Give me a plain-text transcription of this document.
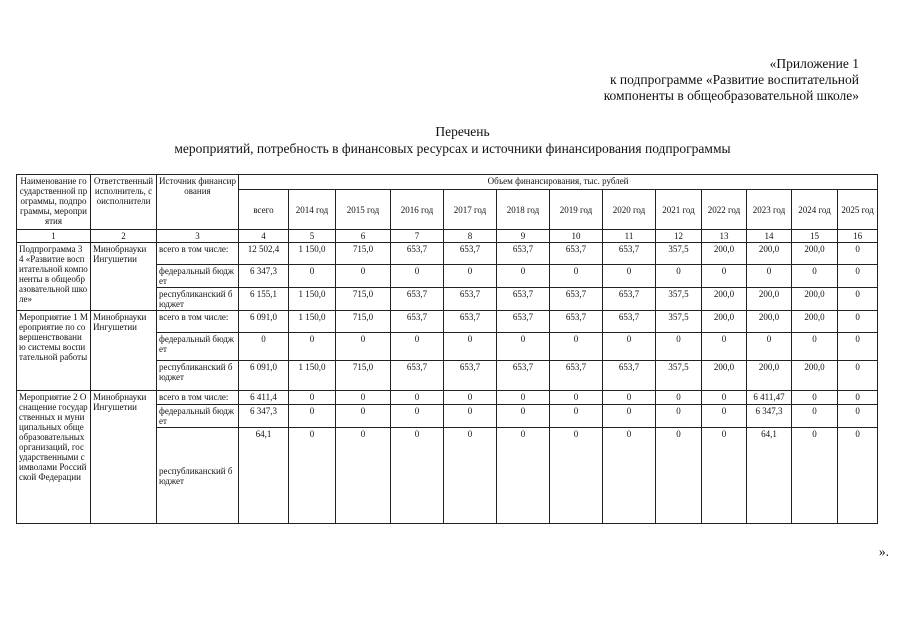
«Приложение 1
к подпрограмме «Развитие воспитательной
компоненты в общеобразовательной школе»
Перечень
мероприятий, потребность в финансовых ресурсах и источники финансирования подпрограммы
Наименование государственной программы, подпрограммы, мероприятия	Ответственный исполнитель, соисполнители	Источник финансирования	Объем финансирования, тыс. рублей												
			всего	2014 год	2015 год	2016 год	2017 год	2018 год	2019 год	2020 год	2021 год	2022 год	2023 год	2024 год	2025 год
1	2	3	4	5	6	7	8	9	10	11	12	13	14	15	16
Подпрограмма 3 4 «Развитие воспитательной компоненты в общеобразовательной школе»	Минобрнауки Ингушетии	всего в том числе:	12 502,4	1 150,0	715,0	653,7	653,7	653,7	653,7	653,7	357,5	200,0	200,0	200,0	0
		федеральный бюджет	6 347,3	0	0	0	0	0	0	0	0	0	0	0	0
		республиканский бюджет	6 155,1	1 150,0	715,0	653,7	653,7	653,7	653,7	653,7	357,5	200,0	200,0	200,0	0
Мероприятие 1 Мероприятие по совершенствованию системы воспитательной работы	Минобрнауки Ингушетии	всего в том числе:	6 091,0	1 150,0	715,0	653,7	653,7	653,7	653,7	653,7	357,5	200,0	200,0	200,0	0
		федеральный бюджет	0	0	0	0	0	0	0	0	0	0	0	0	0
		республиканский бюджет	6 091,0	1 150,0	715,0	653,7	653,7	653,7	653,7	653,7	357,5	200,0	200,0	200,0	0
Мероприятие 2 Оснащение государственных и муниципальных общеобразовательных организаций, государственными символами Российской Федерации	Минобрнауки Ингушетии	всего в том числе:	6 411,4	0	0	0	0	0	0	0	0	0	6 411,47	0	0
		федеральный бюджет	6 347,3	0	0	0	0	0	0	0	0	0	6 347,3	0	0
		республиканский бюджет	64,1	0	0	0	0	0	0	0	0	0	64,1	0	0
».
